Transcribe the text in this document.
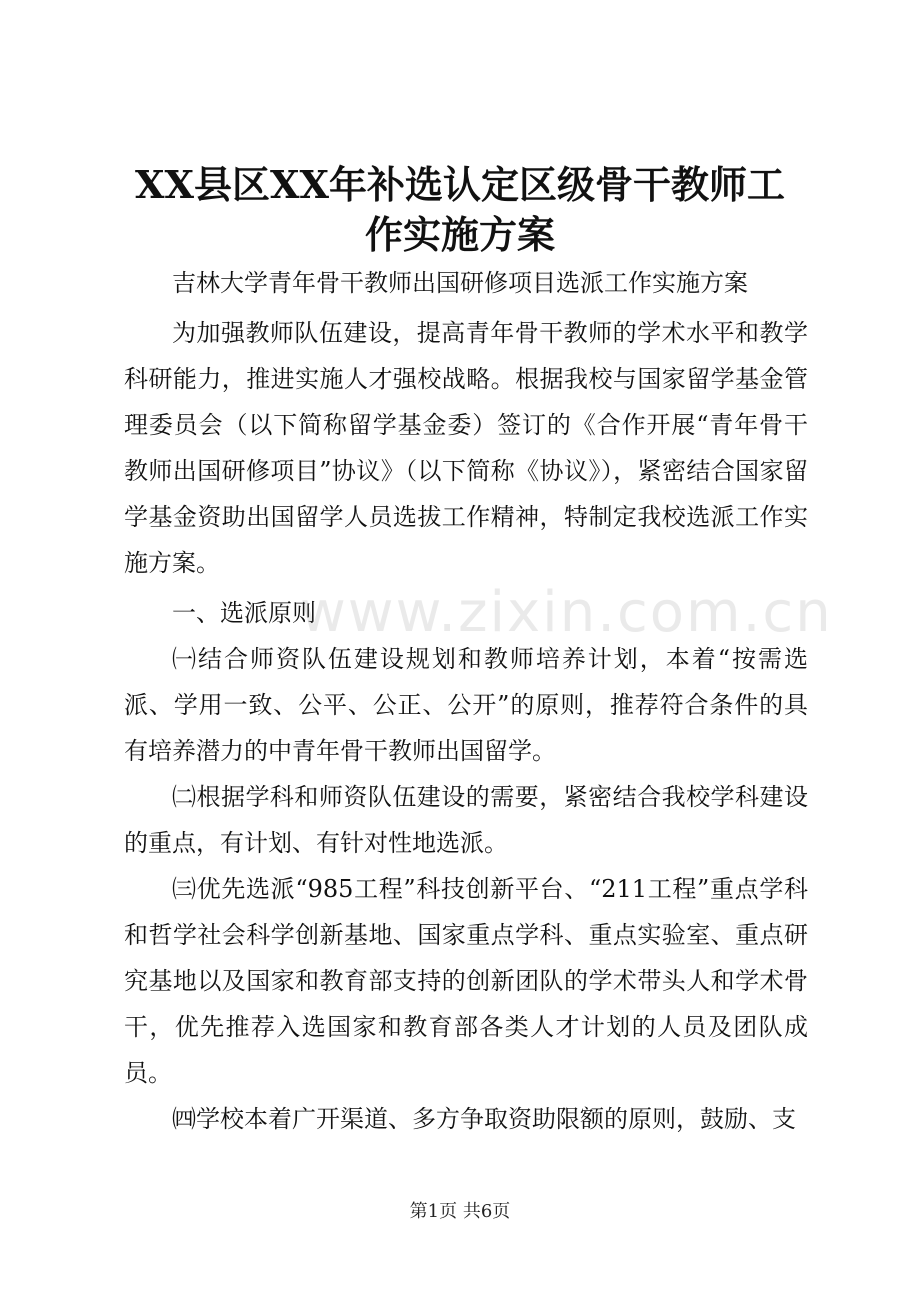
XX县区XX年补选认定区级骨干教师工作实施方案

吉林大学青年骨干教师出国研修项目选派工作实施方案

为加强教师队伍建设，提高青年骨干教师的学术水平和教学科研能力，推进实施人才强校战略。根据我校与国家留学基金管理委员会（以下简称留学基金委）签订的《合作开展“青年骨干教师出国研修项目”协议》（以下简称《协议》），紧密结合国家留学基金资助出国留学人员选拔工作精神，特制定我校选派工作实施方案。

一、选派原则

㈠结合师资队伍建设规划和教师培养计划，本着“按需选派、学用一致、公平、公正、公开”的原则，推荐符合条件的具有培养潜力的中青年骨干教师出国留学。

㈡根据学科和师资队伍建设的需要，紧密结合我校学科建设的重点，有计划、有针对性地选派。

㈢优先选派“985工程”科技创新平台、“211工程”重点学科和哲学社会科学创新基地、国家重点学科、重点实验室、重点研究基地以及国家和教育部支持的创新团队的学术带头人和学术骨干，优先推荐入选国家和教育部各类人才计划的人员及团队成员。

㈣学校本着广开渠道、多方争取资助限额的原则，鼓励、支

www.zixin.com.cn

第1页 共6页
